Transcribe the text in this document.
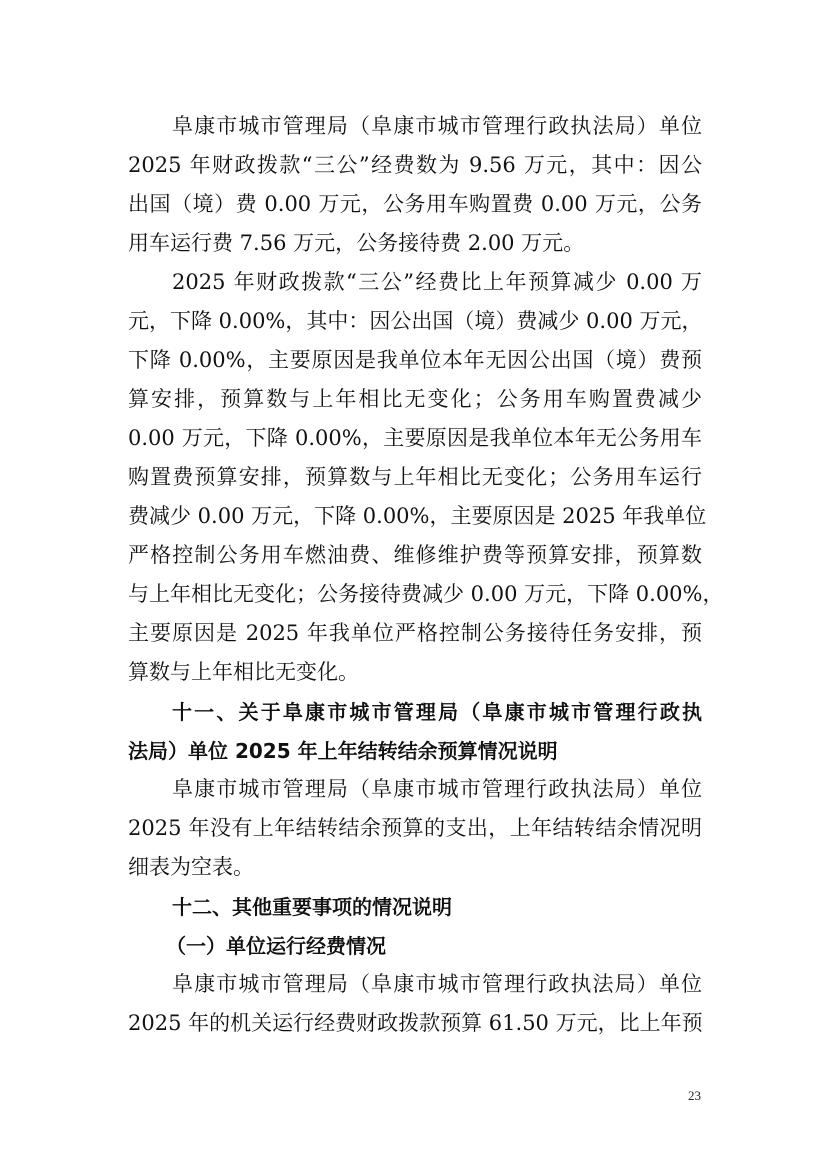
阜康市城市管理局（阜康市城市管理行政执法局）单位
2025 年财政拨款“三公”经费数为 9.56 万元，其中：因公
出国（境）费 0.00 万元，公务用车购置费 0.00 万元，公务
用车运行费 7.56 万元，公务接待费 2.00 万元。
2025 年财政拨款“三公”经费比上年预算减少 0.00 万
元，下降 0.00%，其中：因公出国（境）费减少 0.00 万元，
下降 0.00%，主要原因是我单位本年无因公出国（境）费预
算安排，预算数与上年相比无变化；公务用车购置费减少
0.00 万元，下降 0.00%，主要原因是我单位本年无公务用车
购置费预算安排，预算数与上年相比无变化；公务用车运行
费减少 0.00 万元，下降 0.00%，主要原因是 2025 年我单位
严格控制公务用车燃油费、维修维护费等预算安排，预算数
与上年相比无变化；公务接待费减少 0.00 万元，下降 0.00%，
主要原因是 2025 年我单位严格控制公务接待任务安排，预
算数与上年相比无变化。
十一、关于阜康市城市管理局（阜康市城市管理行政执
法局）单位 2025 年上年结转结余预算情况说明
阜康市城市管理局（阜康市城市管理行政执法局）单位
2025 年没有上年结转结余预算的支出，上年结转结余情况明
细表为空表。
十二、其他重要事项的情况说明
（一）单位运行经费情况
阜康市城市管理局（阜康市城市管理行政执法局）单位
2025 年的机关运行经费财政拨款预算 61.50 万元，比上年预
23
